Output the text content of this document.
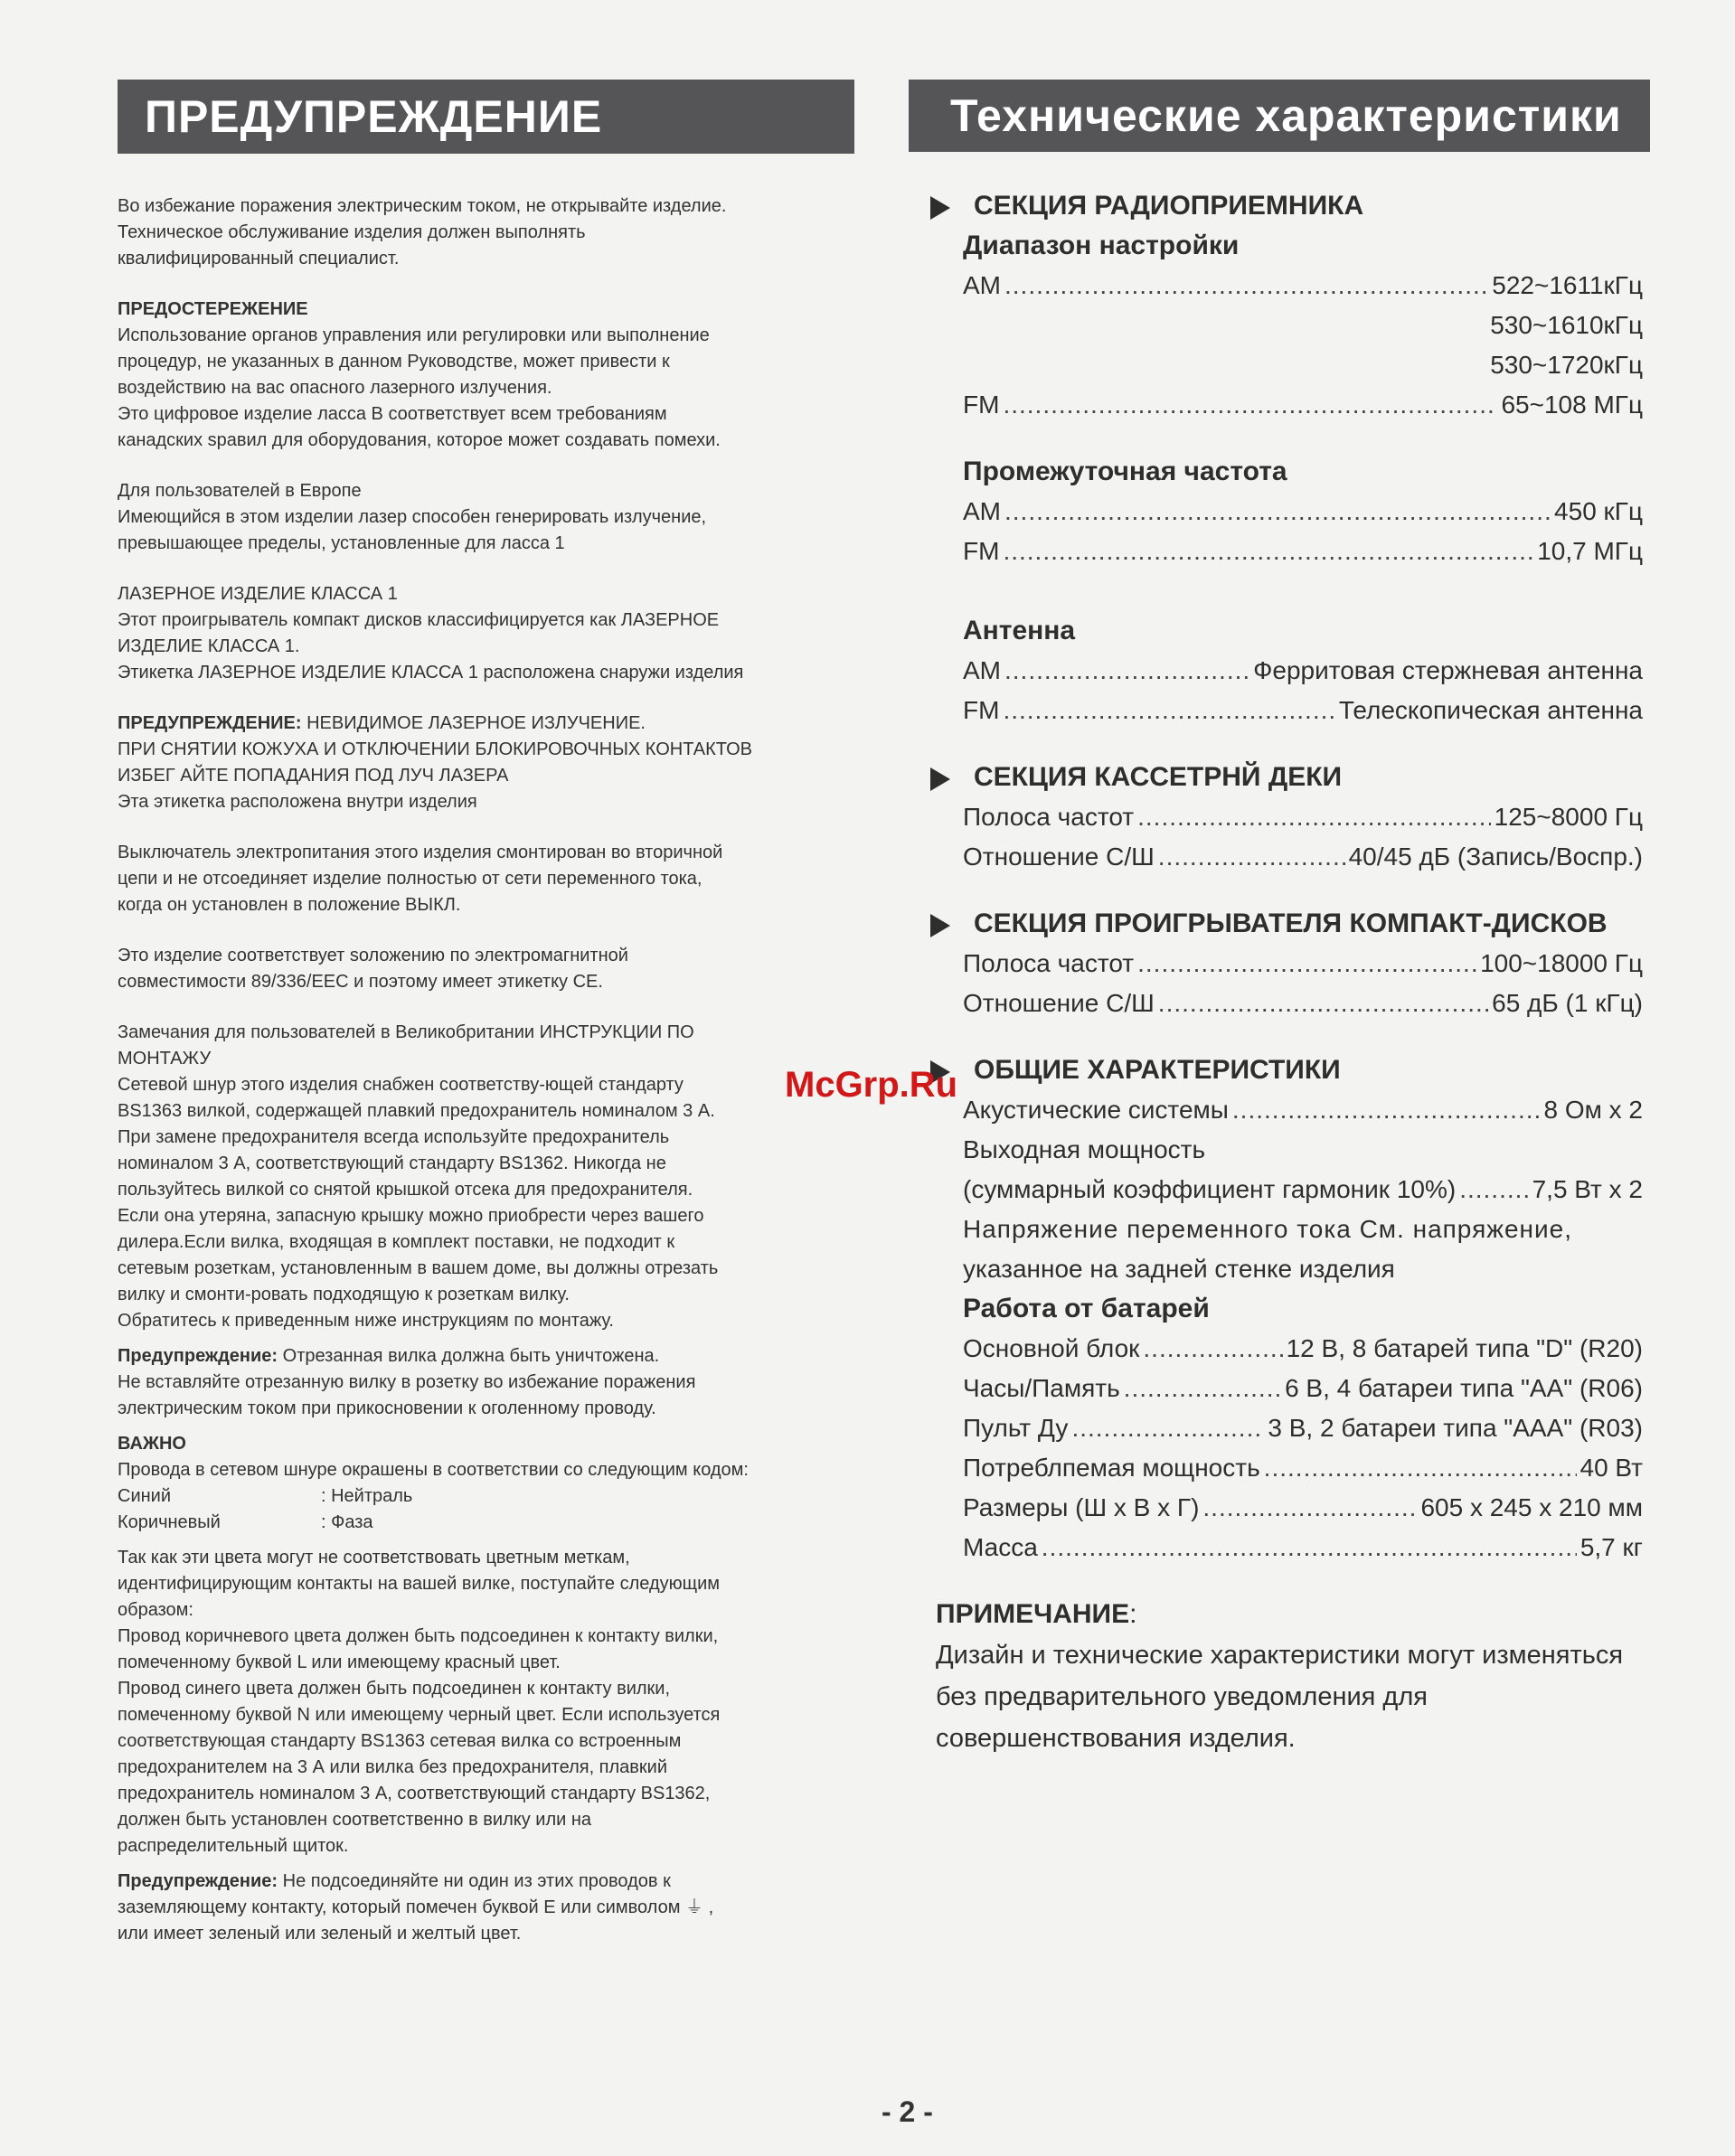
ПРЕДУПРЕЖДЕНИЕ

Во избежание поражения электрическим током, не открывайте изделие.

Техническое обслуживание изделия должен выполнять

квалифицированный специалист.

ПРЕДОСТЕРЕЖЕНИЕ

Использование органов управления или регулировки или выполнение

процедур, не указанных в данном Руководстве, может привести к

воздействию на вас опасного лазерного излучения.

Это цифровое изделие ласса В соответствует всем требованиям

канадских sравил для оборудования, которое может создавать помехи.

Для пользователей в Европе

Имеющийся в этом изделии лазер способен генерировать излучение,

превышающее пределы, установленные для ласса 1

ЛАЗЕРНОЕ ИЗДЕЛИЕ КЛАССА 1

Этот проигрыватель компакт дисков классифицируется как ЛАЗЕРНОЕ

ИЗДЕЛИЕ КЛАССА 1.

Этикетка ЛАЗЕРНОЕ ИЗДЕЛИЕ КЛАССА 1 расположена снаружи изделия

ПРЕДУПРЕЖДЕНИЕ: НЕВИДИМОЕ ЛАЗЕРНОЕ ИЗЛУЧЕНИЕ.

ПРИ СНЯТИИ КОЖУХА И ОТКЛЮЧЕНИИ БЛОКИРОВОЧНЫХ КОНТАКТОВ

ИЗБЕГ АЙТЕ ПОПАДАНИЯ ПОД ЛУЧ ЛАЗЕРА

Эта этикетка расположена внутри изделия

Выключатель электропитания этого изделия смонтирован во вторичной

цепи и не отсоединяет изделие полностью от сети переменного тока,

когда он установлен в положение ВЫКЛ.

Это изделие соответствует sоложению по электромагнитной

совместимости 89/336/ЕЕС и поэтому имеет этикетку СЕ.

Замечания для пользователей в Великобритании ИНСТРУКЦИИ ПО

МОНТАЖУ

Сетевой шнур этого изделия снабжен соответству-ющей стандарту

BS1363 вилкой, содержащей плавкий предохранитель номиналом 3 А.

При замене предохранителя всегда используйте предохранитель

номиналом 3 А, соответствующий стандарту BS1362. Никогда не

пользуйтесь вилкой со снятой крышкой отсека для предохранителя.

Если она утеряна, запасную крышку можно приобрести через вашего

дилера.Если вилка, входящая в комплект поставки, не подходит к

сетевым розеткам, установленным в вашем доме, вы должны отрезать

вилку и смонти-ровать подходящую к розеткам вилку.

Обратитесь к приведенным ниже инструкциям по монтажу.

Предупреждение: Отрезанная вилка должна быть уничтожена.

Не вставляйте отрезанную вилку в розетку во избежание поражения

электрическим током при прикосновении к оголенному проводу.

ВАЖНО

Провода в сетевом шнуре окрашены в соответствии со следующим кодом:

Синий	: Нейтраль
Коричневый	: Фаза

Так как эти цвета могут не соответствовать цветным меткам,

идентифицирующим контакты на вашей вилке, поступайте следующим

образом:

Провод коричневого цвета должен быть подсоединен к контакту вилки,

помеченному буквой L или имеющему красный цвет.

Провод синего цвета должен быть подсоединен к контакту вилки,

помеченному буквой N или имеющему черный цвет. Если используется

соответствующая стандарту BS1363 сетевая вилка со встроенным

предохранителем на 3 А или вилка без предохранителя, плавкий

предохранитель номиналом 3 А, соответствующий стандарту BS1362,

должен быть установлен соответственно в вилку или на

распределительный щиток.

Предупреждение: Не подсоединяйте ни один из этих проводов к

заземляющему контакту, который помечен буквой Е или символом ⏚ ,

или имеет зеленый или зеленый и желтый цвет.

Технические характеристики
СЕКЦИЯ РАДИОПРИЕМНИКА
Диапазон настройки
AM .....	522~1611кГц
530~1610кГц
530~1720кГц
FM .....	65~108 МГц
Промежуточная частота
AM .....	450 кГц
FM .....	10,7 МГц
Антенна
AM .....	Ферритовая стержневая антенна
FM .....	Телескопическая антенна
СЕКЦИЯ КАССЕТРНЙ ДЕКИ
Полоса частот .....	125~8000 Гц
Отношение С/Ш .....	40/45 дБ (Запись/Воспр.)
СЕКЦИЯ ПРОИГРЫВАТЕЛЯ КОМПАКТ-ДИСКОВ
Полоса частот .....	100~18000 Гц
Отношение С/Ш .....	65 дБ (1 кГц)
ОБЩИЕ ХАРАКТЕРИСТИКИ
Акустические системы .....	8 Ом x 2
Выходная мощность
(суммарный коэффициент гармоник 10%) .....	7,5 Вт x 2
Напряжение переменного тока См. напряжение,
указанное на задней стенке изделия
Работа от батарей
Основной блок .....	12 В, 8 батарей типа "D" (R20)
Часы/Память .....	6 В, 4 батареи типа "АА" (R06)
Пульт Ду .....	3 В, 2 батареи типа "ААА" (R03)
Потреблпемая мощность .....	40 Вт
Размеры (Ш x В x Г) .....	605 x 245 x 210 мм
Масса .....	5,7 кг
ПРИМЕЧАНИЕ:
Дизайн и технические характеристики могут изменяться
без предварительного уведомления для
совершенствования изделия.
McGrp.Ru
- 2 -
